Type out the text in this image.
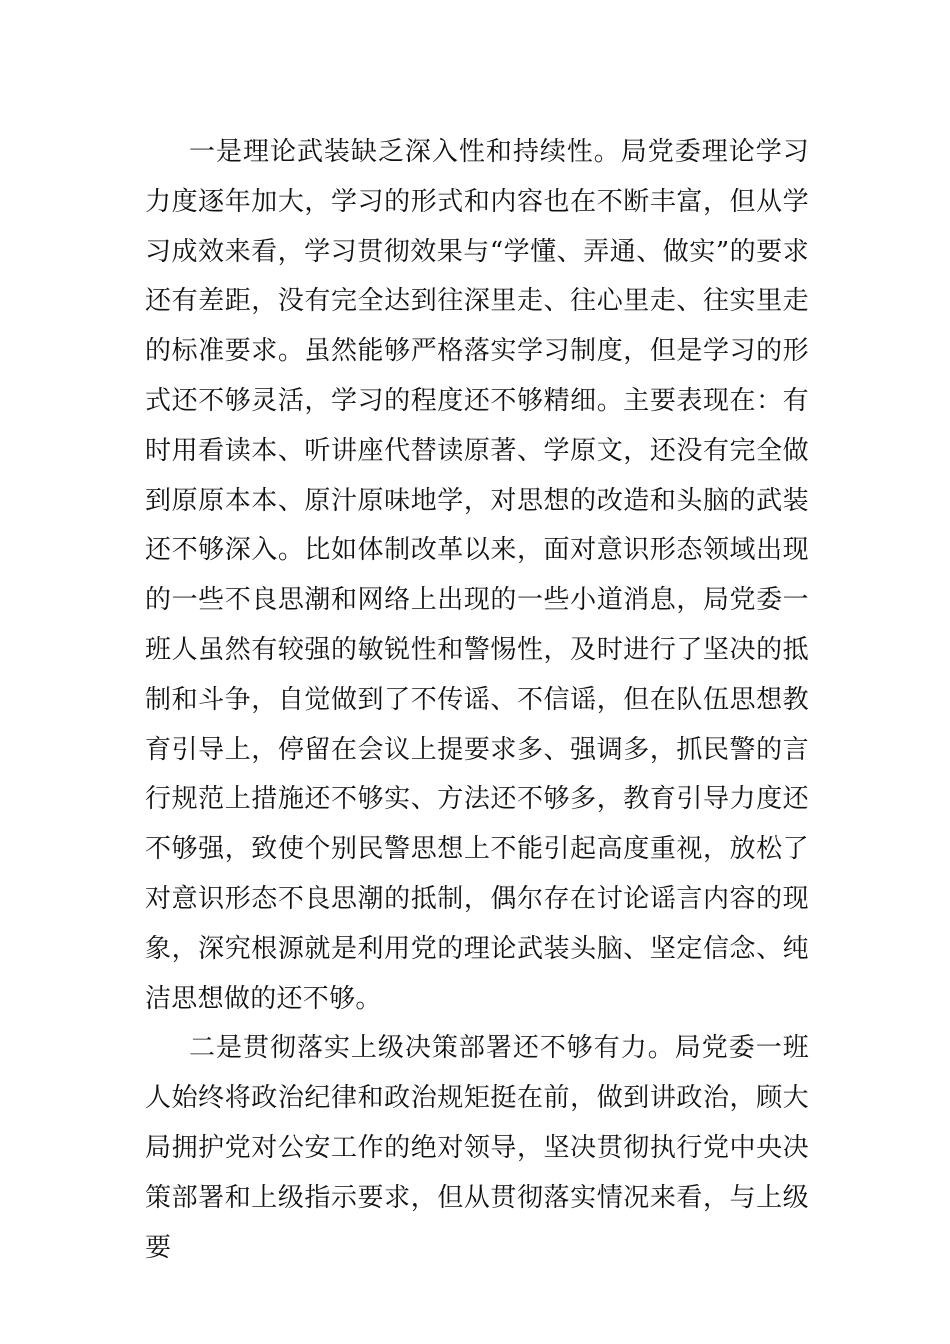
一是理论武装缺乏深入性和持续性。局党委理论学习力度逐年加大，学习的形式和内容也在不断丰富，但从学习成效来看，学习贯彻效果与“学懂、弄通、做实”的要求还有差距，没有完全达到往深里走、往心里走、往实里走的标准要求。虽然能够严格落实学习制度，但是学习的形式还不够灵活，学习的程度还不够精细。主要表现在：有时用看读本、听讲座代替读原著、学原文，还没有完全做到原原本本、原汁原味地学，对思想的改造和头脑的武装还不够深入。比如体制改革以来，面对意识形态领域出现的一些不良思潮和网络上出现的一些小道消息，局党委一班人虽然有较强的敏锐性和警惕性，及时进行了坚决的抵制和斗争，自觉做到了不传谣、不信谣，但在队伍思想教育引导上，停留在会议上提要求多、强调多，抓民警的言行规范上措施还不够实、方法还不够多，教育引导力度还不够强，致使个别民警思想上不能引起高度重视，放松了对意识形态不良思潮的抵制，偶尔存在讨论谣言内容的现象，深究根源就是利用党的理论武装头脑、坚定信念、纯洁思想做的还不够。

二是贯彻落实上级决策部署还不够有力。局党委一班人始终将政治纪律和政治规矩挺在前，做到讲政治，顾大局拥护党对公安工作的绝对领导，坚决贯彻执行党中央决策部署和上级指示要求，但从贯彻落实情况来看，与上级要
